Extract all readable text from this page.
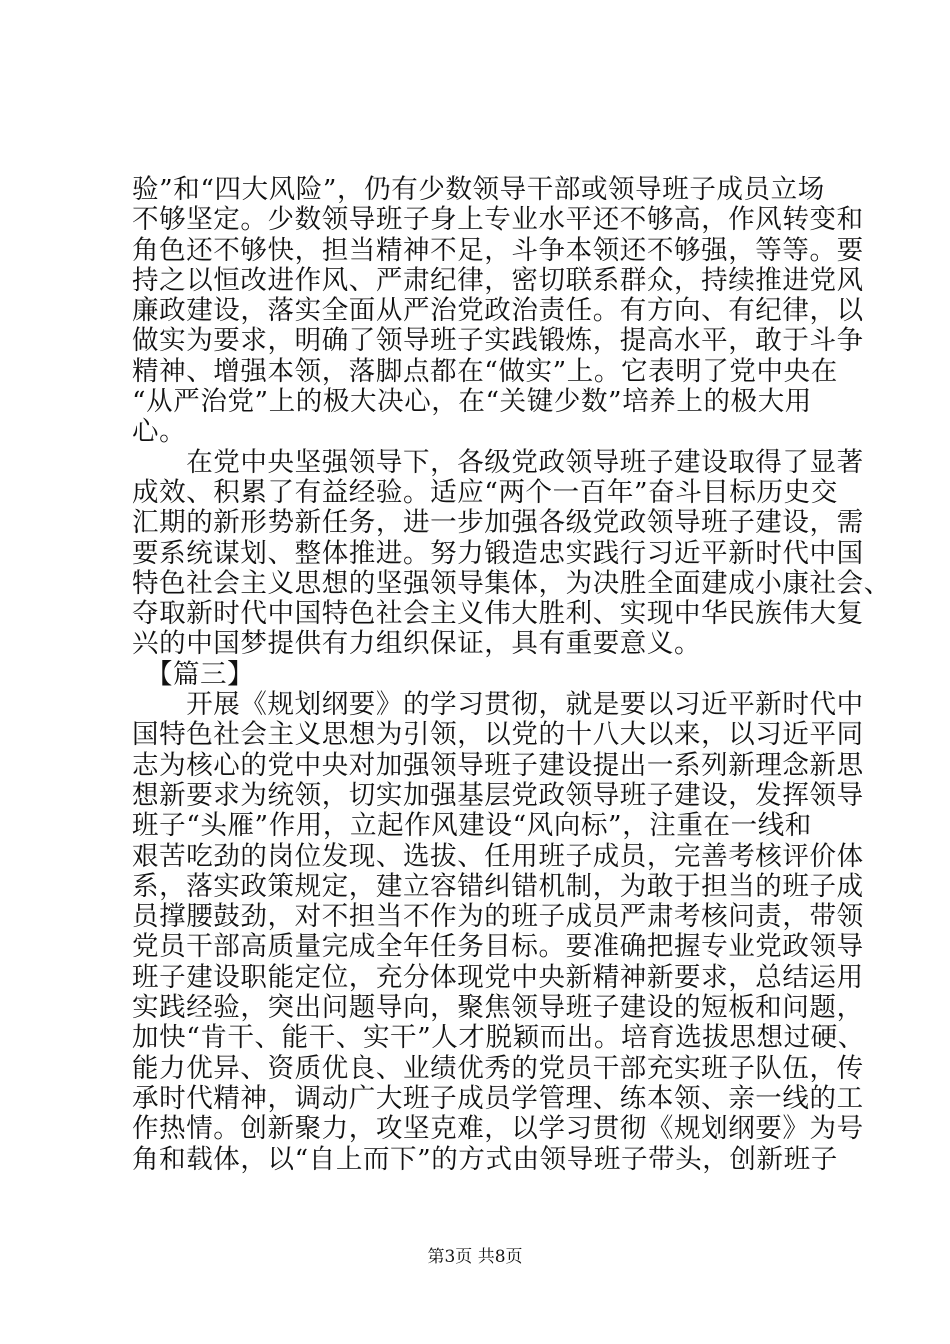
验”和“四大风险”，仍有少数领导干部或领导班子成员立场
不够坚定。少数领导班子身上专业水平还不够高，作风转变和
角色还不够快，担当精神不足，斗争本领还不够强，等等。要
持之以恒改进作风、严肃纪律，密切联系群众，持续推进党风
廉政建设，落实全面从严治党政治责任。有方向、有纪律，以
做实为要求，明确了领导班子实践锻炼，提高水平，敢于斗争
精神、增强本领，落脚点都在“做实”上。它表明了党中央在
“从严治党”上的极大决心，在“关键少数”培养上的极大用
心。
　　在党中央坚强领导下，各级党政领导班子建设取得了显著
成效、积累了有益经验。适应“两个一百年”奋斗目标历史交
汇期的新形势新任务，进一步加强各级党政领导班子建设，需
要系统谋划、整体推进。努力锻造忠实践行习近平新时代中国
特色社会主义思想的坚强领导集体，为决胜全面建成小康社会、
夺取新时代中国特色社会主义伟大胜利、实现中华民族伟大复
兴的中国梦提供有力组织保证，具有重要意义。
　【篇三】
　　开展《规划纲要》的学习贯彻，就是要以习近平新时代中
国特色社会主义思想为引领，以党的十八大以来，以习近平同
志为核心的党中央对加强领导班子建设提出一系列新理念新思
想新要求为统领，切实加强基层党政领导班子建设，发挥领导
班子“头雁”作用，立起作风建设“风向标”，注重在一线和
艰苦吃劲的岗位发现、选拔、任用班子成员，完善考核评价体
系，落实政策规定，建立容错纠错机制，为敢于担当的班子成
员撑腰鼓劲，对不担当不作为的班子成员严肃考核问责，带领
党员干部高质量完成全年任务目标。要准确把握专业党政领导
班子建设职能定位，充分体现党中央新精神新要求，总结运用
实践经验，突出问题导向，聚焦领导班子建设的短板和问题，
加快“肯干、能干、实干”人才脱颖而出。培育选拔思想过硬、
能力优异、资质优良、业绩优秀的党员干部充实班子队伍，传
承时代精神，调动广大班子成员学管理、练本领、亲一线的工
作热情。创新聚力，攻坚克难，以学习贯彻《规划纲要》为号
角和载体，以“自上而下”的方式由领导班子带头，创新班子
第3页 共8页
